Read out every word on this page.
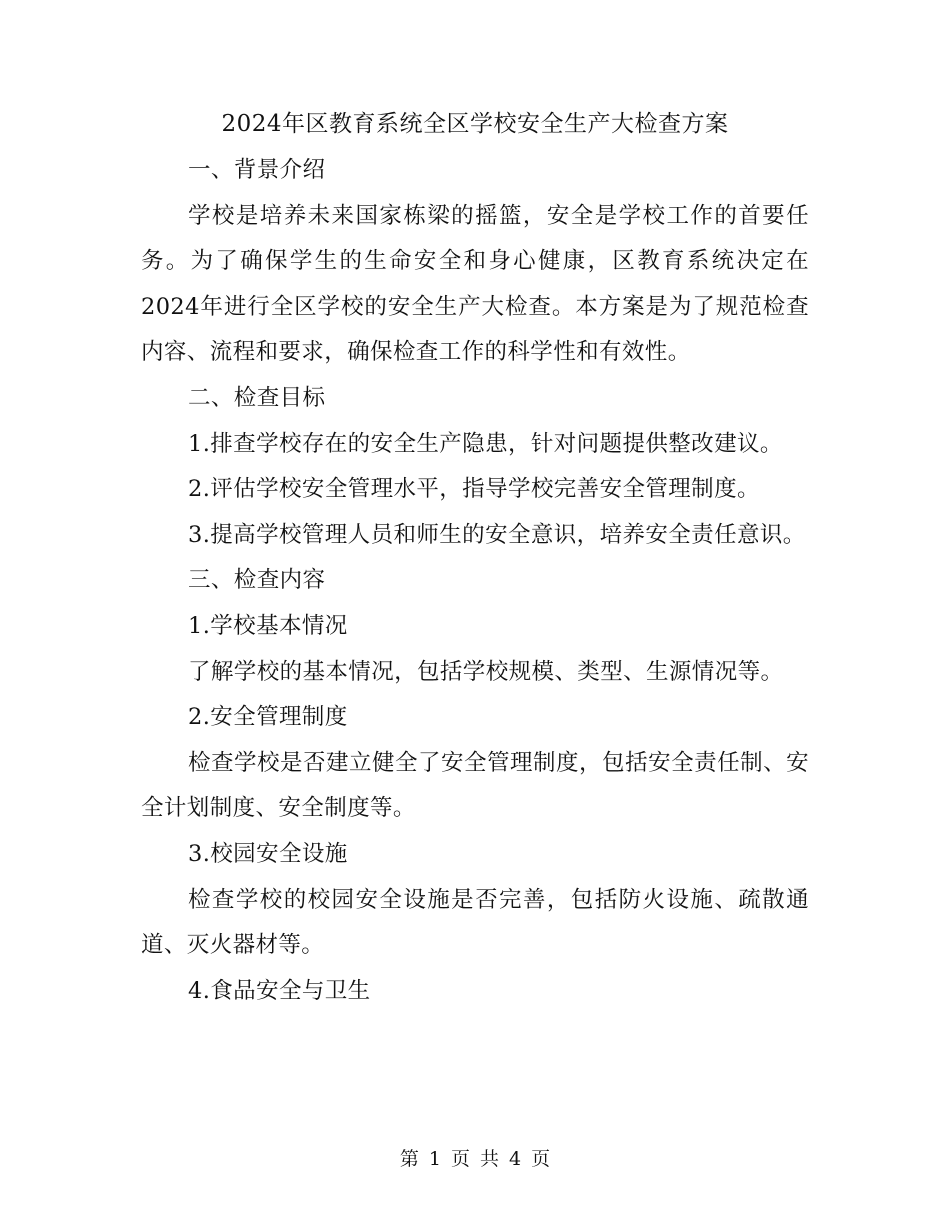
2024年区教育系统全区学校安全生产大检查方案

一、背景介绍

学校是培养未来国家栋梁的摇篮，安全是学校工作的首要任务。为了确保学生的生命安全和身心健康，区教育系统决定在2024年进行全区学校的安全生产大检查。本方案是为了规范检查内容、流程和要求，确保检查工作的科学性和有效性。

二、检查目标

1.排查学校存在的安全生产隐患，针对问题提供整改建议。

2.评估学校安全管理水平，指导学校完善安全管理制度。

3.提高学校管理人员和师生的安全意识，培养安全责任意识。

三、检查内容

1.学校基本情况

了解学校的基本情况，包括学校规模、类型、生源情况等。

2.安全管理制度

检查学校是否建立健全了安全管理制度，包括安全责任制、安全计划制度、安全制度等。

3.校园安全设施

检查学校的校园安全设施是否完善，包括防火设施、疏散通道、灭火器材等。

4.食品安全与卫生

第 1 页 共 4 页
